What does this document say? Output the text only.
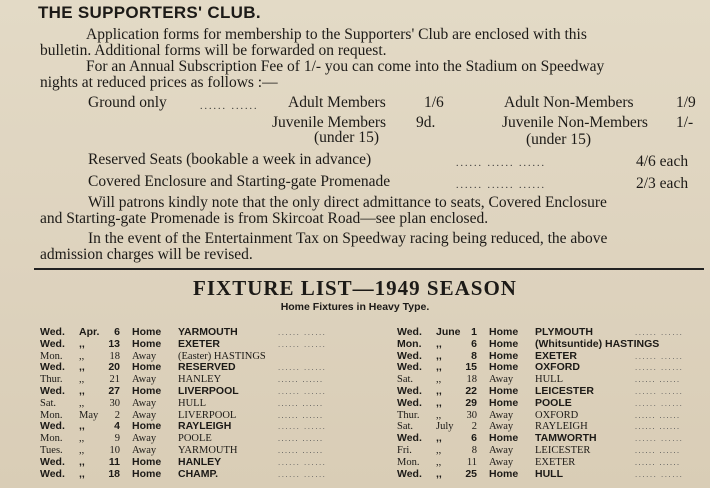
THE SUPPORTERS' CLUB.
Application forms for membership to the Supporters' Club are enclosed with this
bulletin. Additional forms will be forwarded on request.
For an Annual Subscription Fee of 1/- you can come into the Stadium on Speedway
nights at reduced prices as follows :—
Ground only	...... ...... Adult Members 1/6	Adult Non-Members	1/9
Juvenile Members 9d.	Juvenile Non-Members 1/-
(under 15)	(under 15)
Reserved Seats (bookable a week in advance)	...... ...... ......	4/6 each
Covered Enclosure and Starting-gate Promenade	...... ...... ......	2/3 each
Will patrons kindly note that the only direct admittance to seats, Covered Enclosure
and Starting-gate Promenade is from Skircoat Road—see plan enclosed.
In the event of the Entertainment Tax on Speedway racing being reduced, the above
admission charges will be revised.
FIXTURE LIST—1949 SEASON
Home Fixtures in Heavy Type.
Wed. Apr.	6 Home YARMOUTH	...... ......
Wed. ,,	13 Home EXETER	...... ......
Mon. ,,	18 Away (Easter) HASTINGS
Wed. ,,	20 Home RESERVED	...... ......
Thur. ,,	21 Away HANLEY	...... ......
Wed. ,,	27 Home LIVERPOOL	...... ......
Sat. ,,	30 Away HULL	...... ......
Mon. May	2 Away LIVERPOOL	...... ......
Wed. ,,	4 Home RAYLEIGH	...... ......
Mon. ,,	9 Away POOLE	...... ......
Tues. ,,	10 Away YARMOUTH	...... ......
Wed. ,,	11 Home HANLEY	...... ......
Wed. ,,	18 Home CHAMP.	...... ......
Wed. June	1 Home PLYMOUTH	...... ......
Mon. ,,	6 Home (Whitsuntide) HASTINGS
Wed. ,,	8 Home EXETER	...... ......
Wed. ,,	15 Home OXFORD	...... ......
Sat. ,,	18 Away HULL	...... ......
Wed. ,,	22 Home LEICESTER	...... ......
Wed. ,,	29 Home POOLE	...... ......
Thur. ,,	30 Away OXFORD	...... ......
Sat. July	2 Away RAYLEIGH	...... ......
Wed. ,,	6 Home TAMWORTH	...... ......
Fri. ,,	8 Away LEICESTER	...... ......
Mon. ,,	11 Away EXETER	...... ......
Wed. ,,	25 Home HULL	...... ......
